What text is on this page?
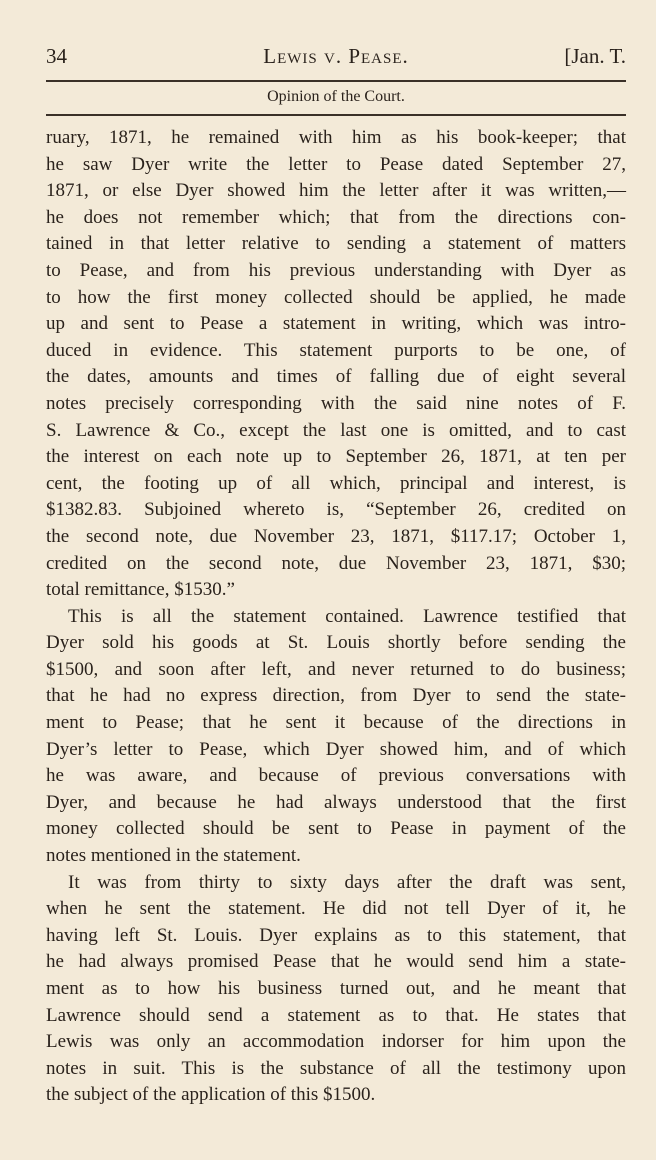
34	Lewis v. Pease.	[Jan. T.
Opinion of the Court.
ruary, 1871, he remained with him as his book-keeper; that
he saw Dyer write the letter to Pease dated September 27,
1871, or else Dyer showed him the letter after it was written,—
he does not remember which; that from the directions con-
tained in that letter relative to sending a statement of matters
to Pease, and from his previous understanding with Dyer as
to how the first money collected should be applied, he made
up and sent to Pease a statement in writing, which was intro-
duced in evidence. This statement purports to be one, of
the dates, amounts and times of falling due of eight several
notes precisely corresponding with the said nine notes of F.
S. Lawrence & Co., except the last one is omitted, and to cast
the interest on each note up to September 26, 1871, at ten per
cent, the footing up of all which, principal and interest, is
$1382.83. Subjoined whereto is, “September 26, credited on
the second note, due November 23, 1871, $117.17; October 1,
credited on the second note, due November 23, 1871, $30;
total remittance, $1530.”
This is all the statement contained. Lawrence testified that
Dyer sold his goods at St. Louis shortly before sending the
$1500, and soon after left, and never returned to do business;
that he had no express direction, from Dyer to send the state-
ment to Pease; that he sent it because of the directions in
Dyer’s letter to Pease, which Dyer showed him, and of which
he was aware, and because of previous conversations with
Dyer, and because he had always understood that the first
money collected should be sent to Pease in payment of the
notes mentioned in the statement.
It was from thirty to sixty days after the draft was sent,
when he sent the statement. He did not tell Dyer of it, he
having left St. Louis. Dyer explains as to this statement, that
he had always promised Pease that he would send him a state-
ment as to how his business turned out, and he meant that
Lawrence should send a statement as to that. He states that
Lewis was only an accommodation indorser for him upon the
notes in suit. This is the substance of all the testimony upon
the subject of the application of this $1500.
